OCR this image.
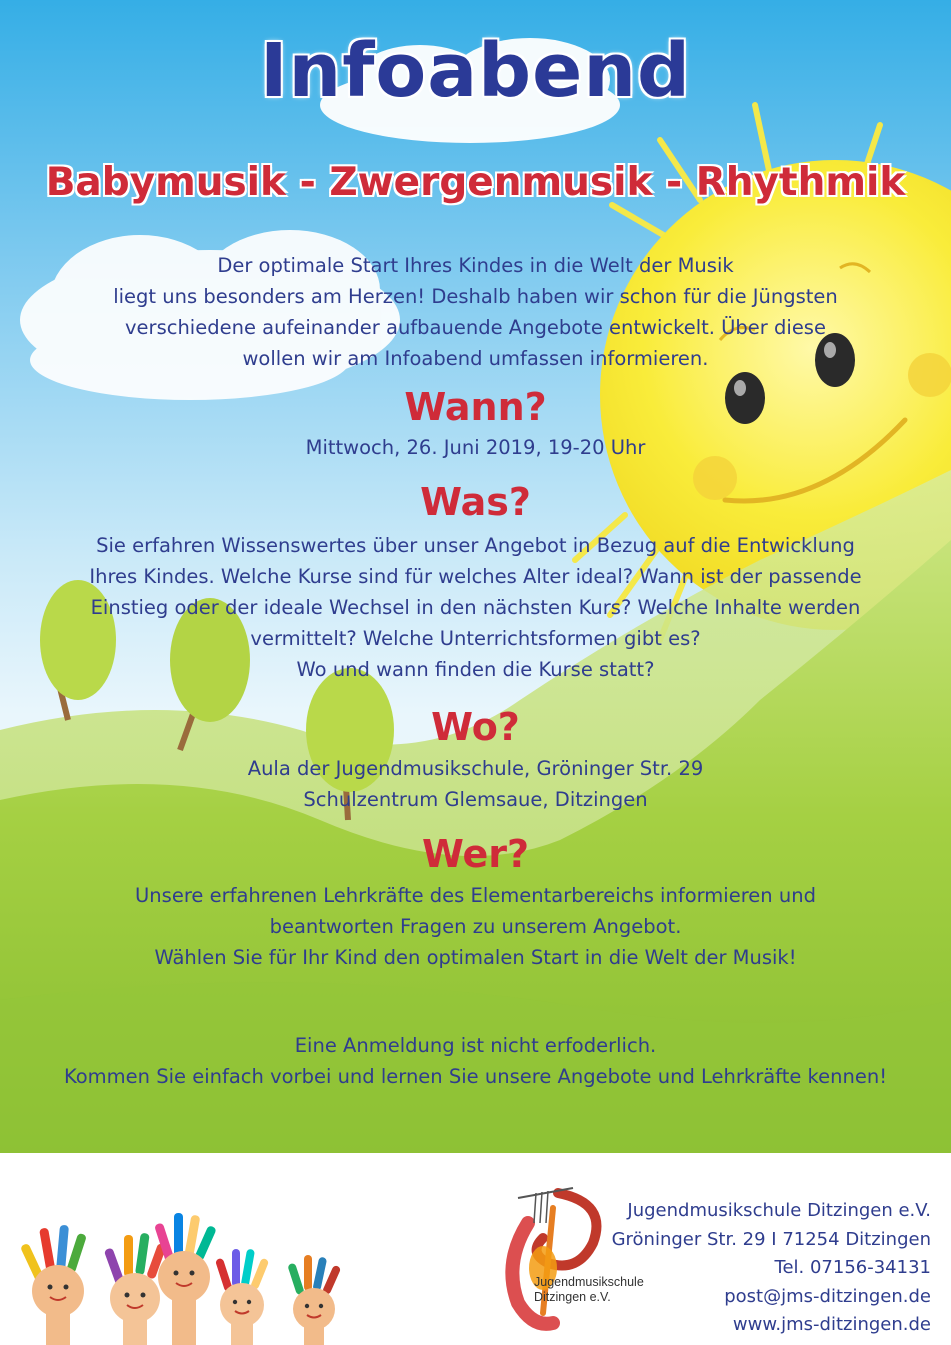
Infoabend
Babymusik - Zwergenmusik - Rhythmik

Der optimale Start Ihres Kindes in die Welt der Musik

liegt uns besonders am Herzen! Deshalb haben wir schon für die Jüngsten

verschiedene aufeinander aufbauende Angebote entwickelt. Über diese

wollen wir am Infoabend umfassen informieren.

Wann?

Mittwoch, 26. Juni 2019, 19-20 Uhr

Was?

Sie erfahren Wissenswertes über unser Angebot in Bezug auf die Entwicklung

Ihres Kindes. Welche Kurse sind für welches Alter ideal? Wann ist der passende

Einstieg oder der ideale Wechsel in den nächsten Kurs? Welche Inhalte werden

vermittelt? Welche Unterrichtsformen gibt es?

Wo und wann finden die Kurse statt?

Wo?

Aula der Jugendmusikschule, Gröninger Str. 29

Schulzentrum Glemsaue, Ditzingen

Wer?

Unsere erfahrenen Lehrkräfte des Elementarbereichs informieren und

beantworten Fragen zu unserem Angebot.

Wählen Sie für Ihr Kind den optimalen Start in die Welt der Musik!

Eine Anmeldung ist nicht erfoderlich.

Kommen Sie einfach vorbei und lernen Sie unsere Angebote und Lehrkräfte kennen!

Jugendmusikschule

Ditzingen e.V.

Jugendmusikschule Ditzingen e.V.

Gröninger Str. 29 I 71254 Ditzingen

Tel. 07156-34131

post@jms-ditzingen.de

www.jms-ditzingen.de
